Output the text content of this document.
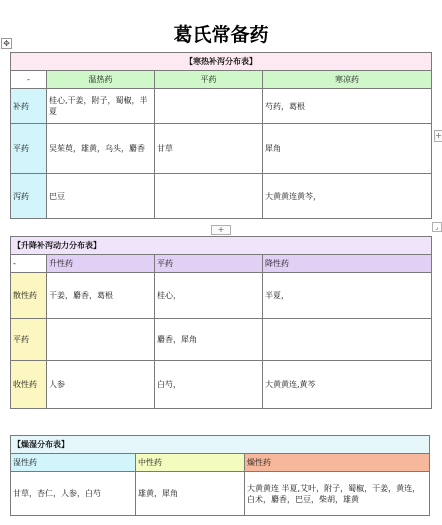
葛氏常备药
✥
【寒热补泻分布表】			
-	温热药	平药	寒凉药
补药	桂心,干姜，附子，蜀椒，半夏		芍药，葛根
平药	吴茱萸，雄黄，乌头，麝香	甘草	犀角
泻药	巴豆		大黄黄连黄芩，
+
+
⌟
【升降补泻动力分布表】			
-	升性药	平药	降性药
散性药	干姜，麝香，葛根	桂心，	半夏，
平药		麝香，犀角	
收性药	人参	白芍，	大黄黄连,黄芩
【燥湿分布表】		
湿性药	中性药	燥性药
甘草，杏仁，人参，白芍	雄黄，犀角	大黄黄连 半夏,艾叶，附子，蜀椒，干姜，黄连，白术，麝香，巴豆，柴胡，雄黄
